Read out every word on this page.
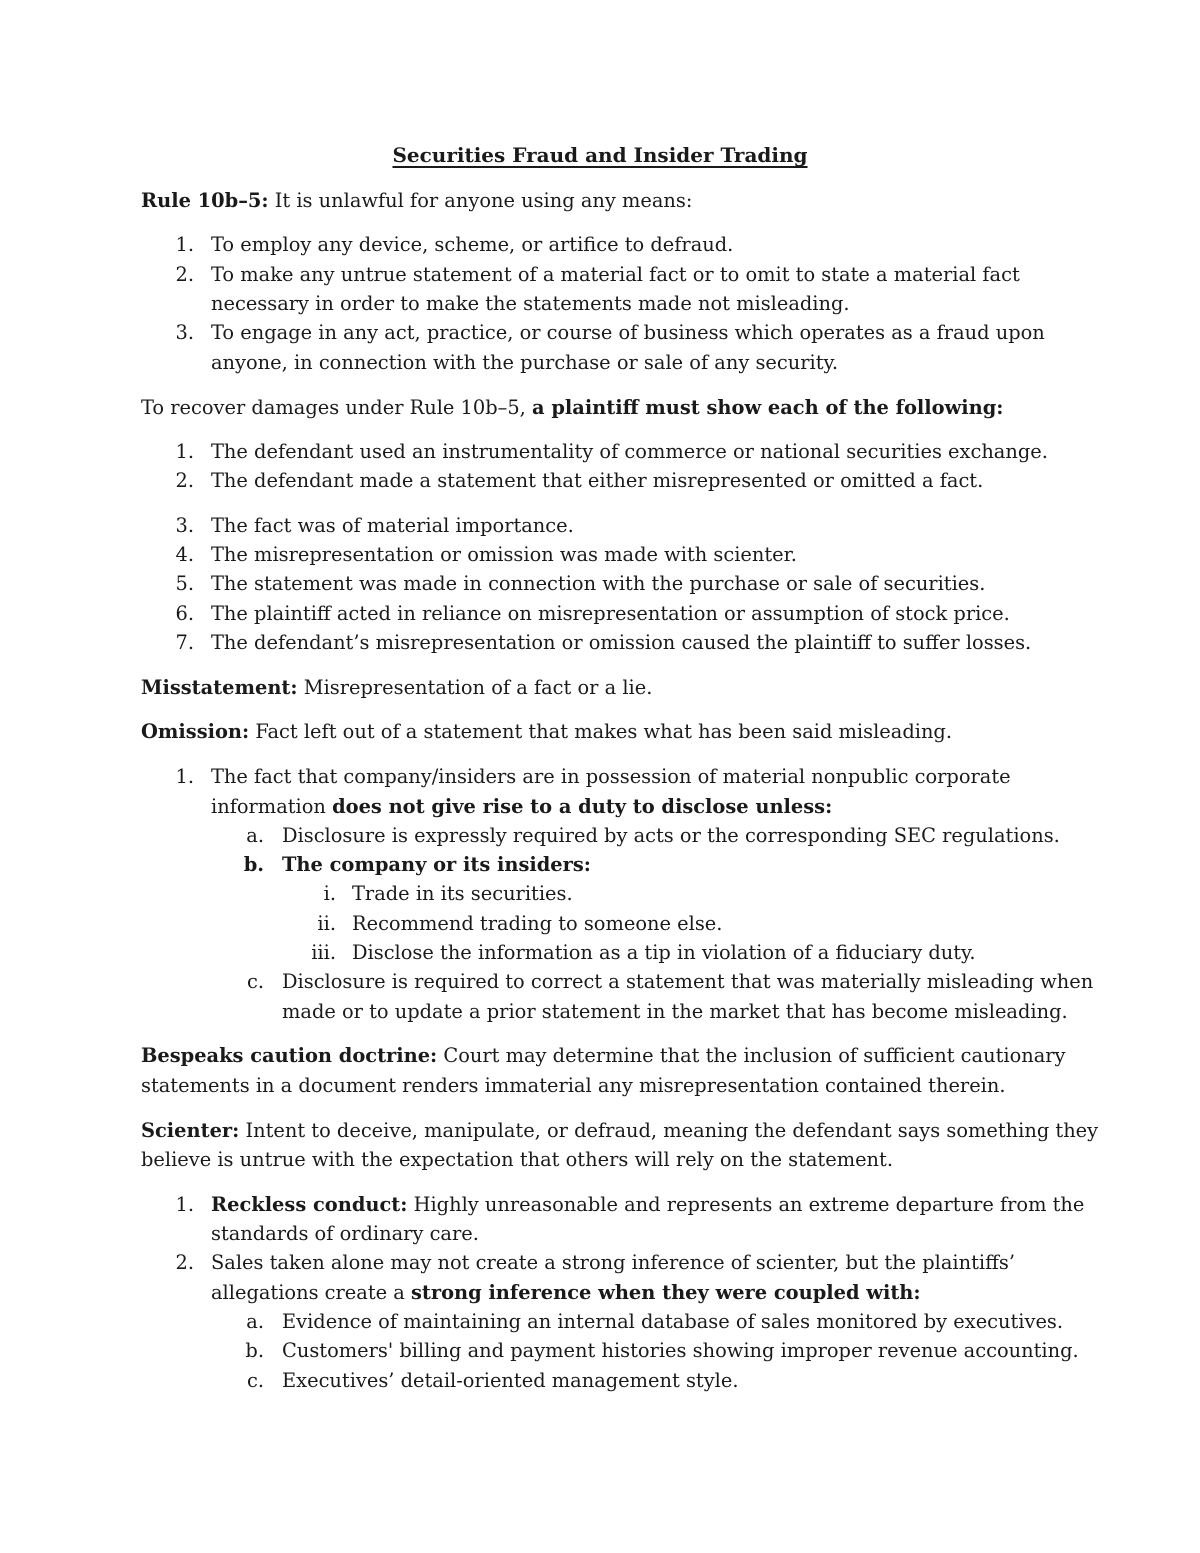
Securities Fraud and Insider Trading
Rule 10b–5: It is unlawful for anyone using any means:
1. To employ any device, scheme, or artifice to defraud.
2. To make any untrue statement of a material fact or to omit to state a material fact
necessary in order to make the statements made not misleading.
3. To engage in any act, practice, or course of business which operates as a fraud upon
anyone, in connection with the purchase or sale of any security.
To recover damages under Rule 10b–5, a plaintiff must show each of the following:
1. The defendant used an instrumentality of commerce or national securities exchange.
2. The defendant made a statement that either misrepresented or omitted a fact.
3. The fact was of material importance.
4. The misrepresentation or omission was made with scienter.
5. The statement was made in connection with the purchase or sale of securities.
6. The plaintiff acted in reliance on misrepresentation or assumption of stock price.
7. The defendant’s misrepresentation or omission caused the plaintiff to suffer losses.
Misstatement: Misrepresentation of a fact or a lie.
Omission: Fact left out of a statement that makes what has been said misleading.
1. The fact that company/insiders are in possession of material nonpublic corporate
information does not give rise to a duty to disclose unless:
a. Disclosure is expressly required by acts or the corresponding SEC regulations.
b. The company or its insiders:
i. Trade in its securities.
ii. Recommend trading to someone else.
iii. Disclose the information as a tip in violation of a fiduciary duty.
c. Disclosure is required to correct a statement that was materially misleading when
made or to update a prior statement in the market that has become misleading.
Bespeaks caution doctrine: Court may determine that the inclusion of sufficient cautionary
statements in a document renders immaterial any misrepresentation contained therein.
Scienter: Intent to deceive, manipulate, or defraud, meaning the defendant says something they
believe is untrue with the expectation that others will rely on the statement.
1. Reckless conduct: Highly unreasonable and represents an extreme departure from the
standards of ordinary care.
2. Sales taken alone may not create a strong inference of scienter, but the plaintiffs’
allegations create a strong inference when they were coupled with:
a. Evidence of maintaining an internal database of sales monitored by executives.
b. Customers' billing and payment histories showing improper revenue accounting.
c. Executives’ detail-oriented management style.
